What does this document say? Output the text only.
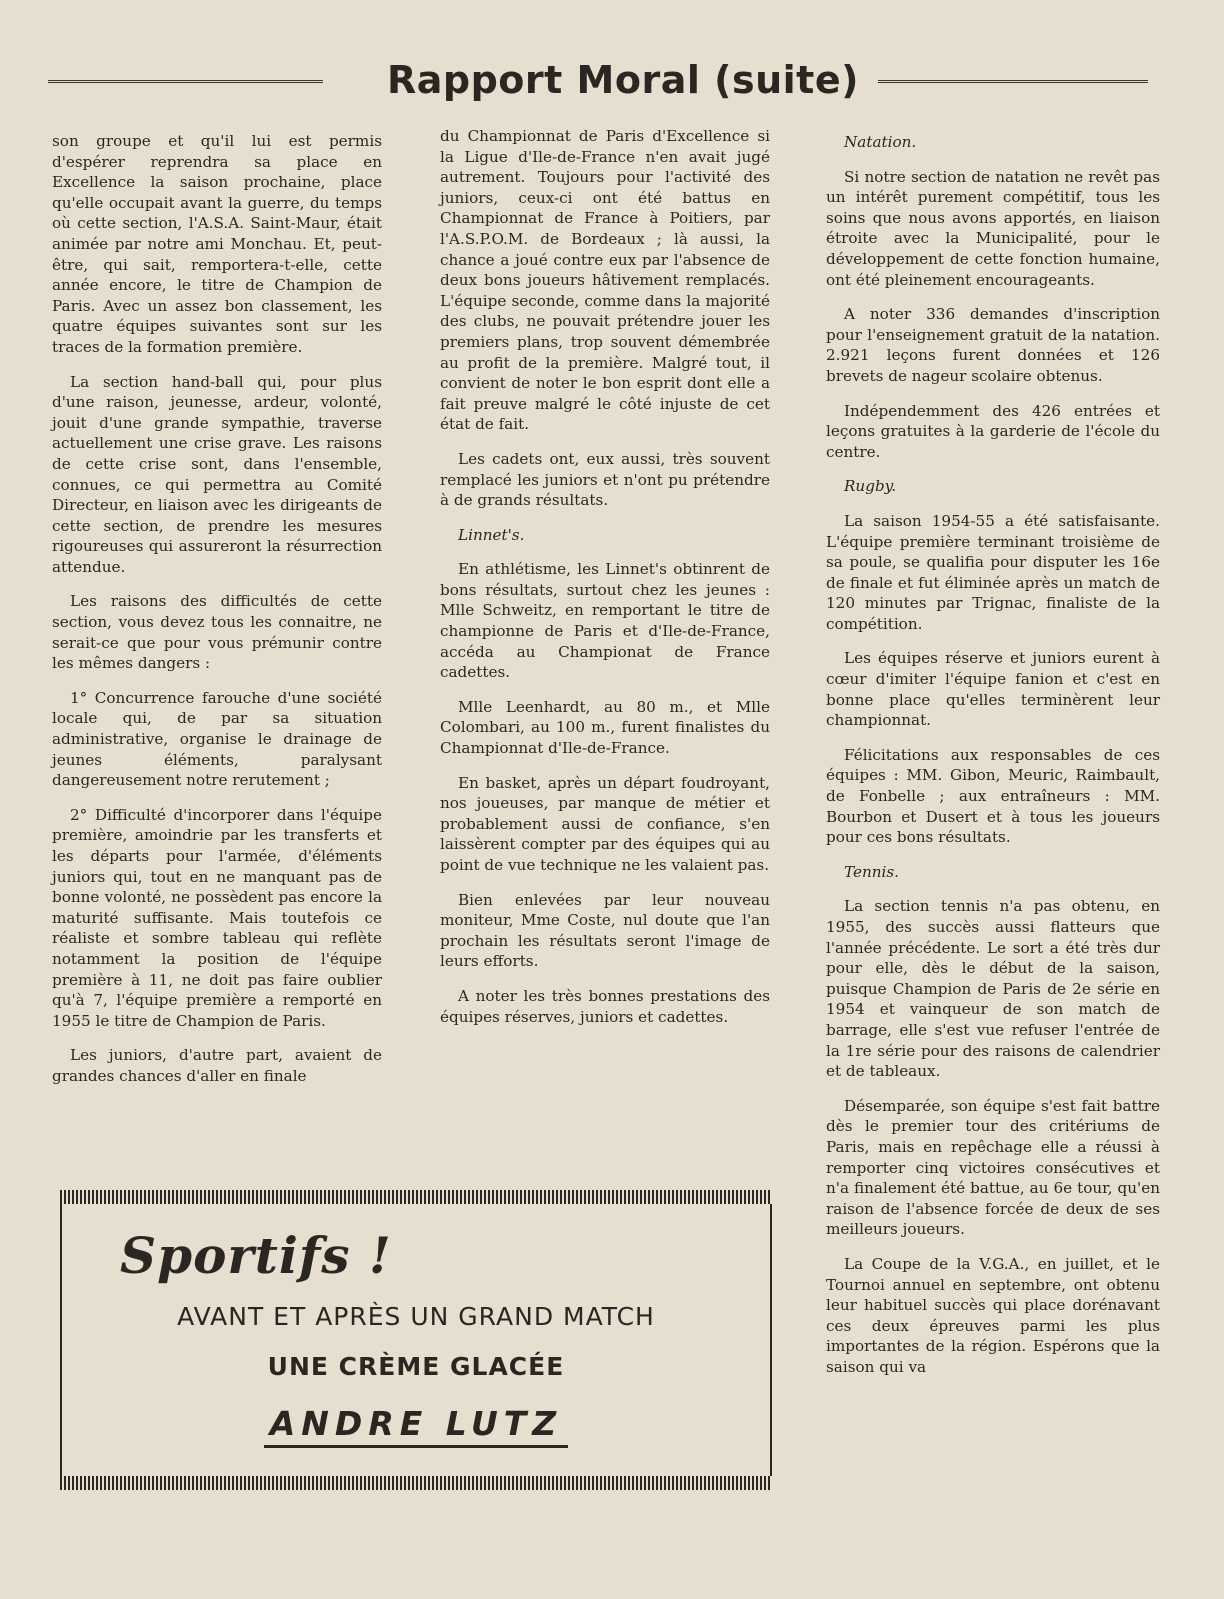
Rapport Moral (suite)

son groupe et qu'il lui est permis d'espérer reprendra sa place en Excellence la saison prochaine, place qu'elle occupait avant la guerre, du temps où cette section, l'A.S.A. Saint-Maur, était animée par notre ami Monchau. Et, peut-être, qui sait, remportera-t-elle, cette année encore, le titre de Champion de Paris. Avec un assez bon classement, les quatre équipes suivantes sont sur les traces de la formation première.

La section hand-ball qui, pour plus d'une raison, jeunesse, ardeur, volonté, jouit d'une grande sympathie, traverse actuellement une crise grave. Les raisons de cette crise sont, dans l'ensemble, connues, ce qui permettra au Comité Directeur, en liaison avec les dirigeants de cette section, de prendre les mesures rigoureuses qui assureront la résurrection attendue.

Les raisons des difficultés de cette section, vous devez tous les connaitre, ne serait-ce que pour vous prémunir contre les mêmes dangers :

1° Concurrence farouche d'une société locale qui, de par sa situation administrative, organise le drainage de jeunes éléments, paralysant dangereusement notre rerutement ;

2° Difficulté d'incorporer dans l'équipe première, amoindrie par les transferts et les départs pour l'armée, d'éléments juniors qui, tout en ne manquant pas de bonne volonté, ne possèdent pas encore la maturité suffisante. Mais toutefois ce réaliste et sombre tableau qui reflète notamment la position de l'équipe première à 11, ne doit pas faire oublier qu'à 7, l'équipe première a remporté en 1955 le titre de Champion de Paris.

Les juniors, d'autre part, avaient de grandes chances d'aller en finale

du Championnat de Paris d'Excellence si la Ligue d'Ile-de-France n'en avait jugé autrement. Toujours pour l'activité des juniors, ceux-ci ont été battus en Championnat de France à Poitiers, par l'A.S.P.O.M. de Bordeaux ; là aussi, la chance a joué contre eux par l'absence de deux bons joueurs hâtivement remplacés. L'équipe seconde, comme dans la majorité des clubs, ne pouvait prétendre jouer les premiers plans, trop souvent démembrée au profit de la première. Malgré tout, il convient de noter le bon esprit dont elle a fait preuve malgré le côté injuste de cet état de fait.

Les cadets ont, eux aussi, très souvent remplacé les juniors et n'ont pu prétendre à de grands résultats.

Linnet's.

En athlétisme, les Linnet's obtinrent de bons résultats, surtout chez les jeunes : Mlle Schweitz, en remportant le titre de championne de Paris et d'Ile-de-France, accéda au Championat de France cadettes.

Mlle Leenhardt, au 80 m., et Mlle Colombari, au 100 m., furent finalistes du Championnat d'Ile-de-France.

En basket, après un départ foudroyant, nos joueuses, par manque de métier et probablement aussi de confiance, s'en laissèrent compter par des équipes qui au point de vue technique ne les valaient pas.

Bien enlevées par leur nouveau moniteur, Mme Coste, nul doute que l'an prochain les résultats seront l'image de leurs efforts.

A noter les très bonnes prestations des équipes réserves, juniors et cadettes.

Natation.

Si notre section de natation ne revêt pas un intérêt purement compétitif, tous les soins que nous avons apportés, en liaison étroite avec la Municipalité, pour le développement de cette fonction humaine, ont été pleinement encourageants.

A noter 336 demandes d'inscription pour l'enseignement gratuit de la natation. 2.921 leçons furent données et 126 brevets de nageur scolaire obtenus.

Indépendemment des 426 entrées et leçons gratuites à la garderie de l'école du centre.

Rugby.

La saison 1954-55 a été satisfaisante. L'équipe première terminant troisième de sa poule, se qualifia pour disputer les 16e de finale et fut éliminée après un match de 120 minutes par Trignac, finaliste de la compétition.

Les équipes réserve et juniors eurent à cœur d'imiter l'équipe fanion et c'est en bonne place qu'elles terminèrent leur championnat.

Félicitations aux responsables de ces équipes : MM. Gibon, Meuric, Raimbault, de Fonbelle ; aux entraîneurs : MM. Bourbon et Dusert et à tous les joueurs pour ces bons résultats.

Tennis.

La section tennis n'a pas obtenu, en 1955, des succès aussi flatteurs que l'année précédente. Le sort a été très dur pour elle, dès le début de la saison, puisque Champion de Paris de 2e série en 1954 et vainqueur de son match de barrage, elle s'est vue refuser l'entrée de la 1re série pour des raisons de calendrier et de tableaux.

Désemparée, son équipe s'est fait battre dès le premier tour des critériums de Paris, mais en repêchage elle a réussi à remporter cinq victoires consécutives et n'a finalement été battue, au 6e tour, qu'en raison de l'absence forcée de deux de ses meilleurs joueurs.

La Coupe de la V.G.A., en juillet, et le Tournoi annuel en septembre, ont obtenu leur habituel succès qui place dorénavant ces deux épreuves parmi les plus importantes de la région. Espérons que la saison qui va

Sportifs !
AVANT ET APRÈS UN GRAND MATCH
UNE CRÈME GLACÉE
ANDRE LUTZ
